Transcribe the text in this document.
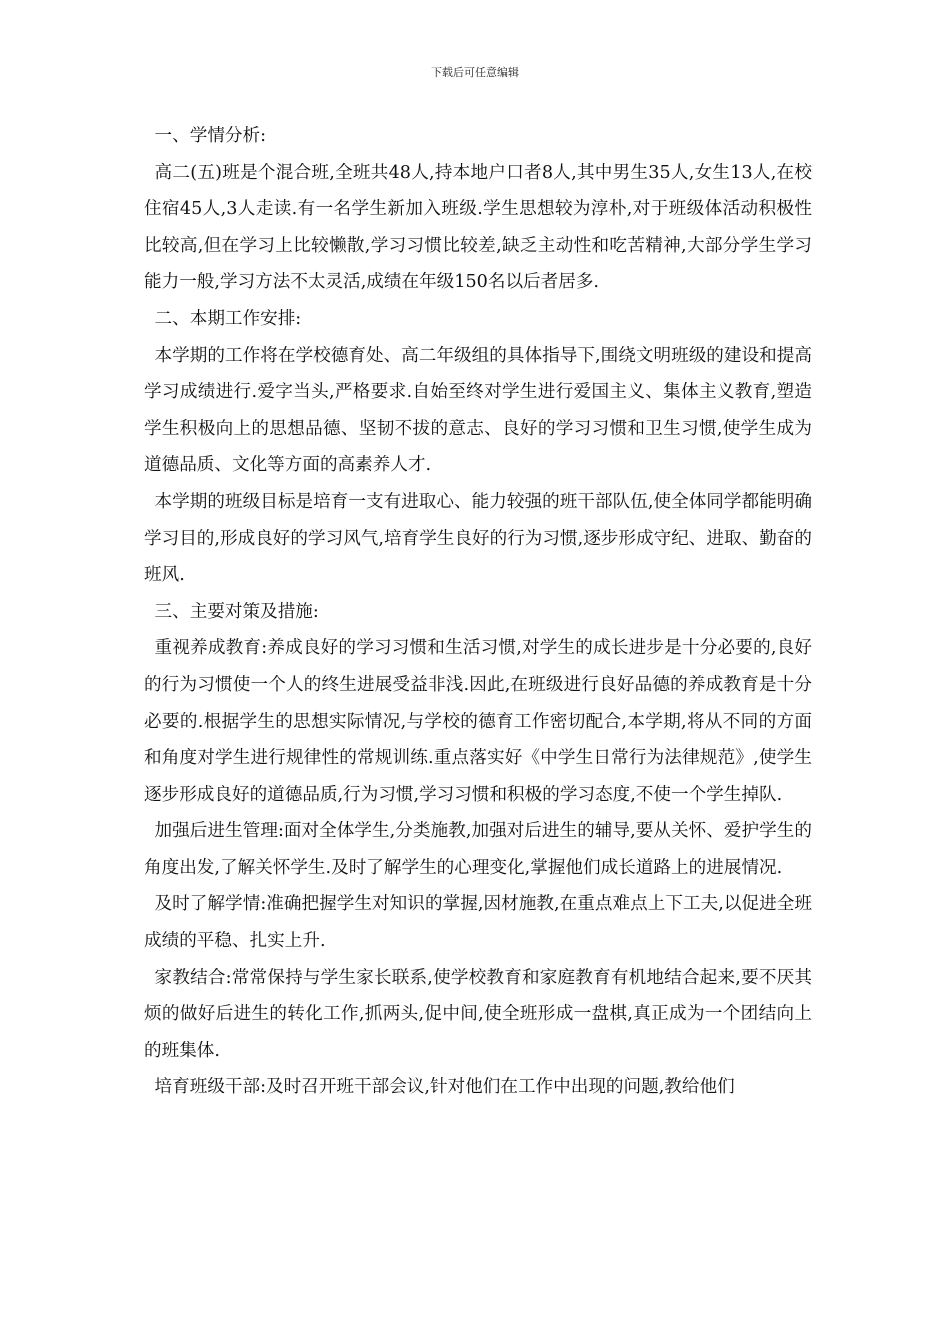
下载后可任意编辑

一、学情分析:

高二(五)班是个混合班,全班共48人,持本地户口者8人,其中男生35人,女生13人,在校住宿45人,3人走读.有一名学生新加入班级.学生思想较为淳朴,对于班级体活动积极性比较高,但在学习上比较懒散,学习习惯比较差,缺乏主动性和吃苦精神,大部分学生学习能力一般,学习方法不太灵活,成绩在年级150名以后者居多.

二、本期工作安排:

本学期的工作将在学校德育处、高二年级组的具体指导下,围绕文明班级的建设和提高学习成绩进行.爱字当头,严格要求.自始至终对学生进行爱国主义、集体主义教育,塑造学生积极向上的思想品德、坚韧不拔的意志、良好的学习习惯和卫生习惯,使学生成为道德品质、文化等方面的高素养人才.

本学期的班级目标是培育一支有进取心、能力较强的班干部队伍,使全体同学都能明确学习目的,形成良好的学习风气,培育学生良好的行为习惯,逐步形成守纪、进取、勤奋的班风.

三、主要对策及措施:

重视养成教育:养成良好的学习习惯和生活习惯,对学生的成长进步是十分必要的,良好的行为习惯使一个人的终生进展受益非浅.因此,在班级进行良好品德的养成教育是十分必要的.根据学生的思想实际情况,与学校的德育工作密切配合,本学期,将从不同的方面和角度对学生进行规律性的常规训练.重点落实好《中学生日常行为法律规范》,使学生逐步形成良好的道德品质,行为习惯,学习习惯和积极的学习态度,不使一个学生掉队.

加强后进生管理:面对全体学生,分类施教,加强对后进生的辅导,要从关怀、爱护学生的角度出发,了解关怀学生.及时了解学生的心理变化,掌握他们成长道路上的进展情况.

及时了解学情:准确把握学生对知识的掌握,因材施教,在重点难点上下工夫,以促进全班成绩的平稳、扎实上升.

家教结合:常常保持与学生家长联系,使学校教育和家庭教育有机地结合起来,要不厌其烦的做好后进生的转化工作,抓两头,促中间,使全班形成一盘棋,真正成为一个团结向上的班集体.

培育班级干部:及时召开班干部会议,针对他们在工作中出现的问题,教给他们
